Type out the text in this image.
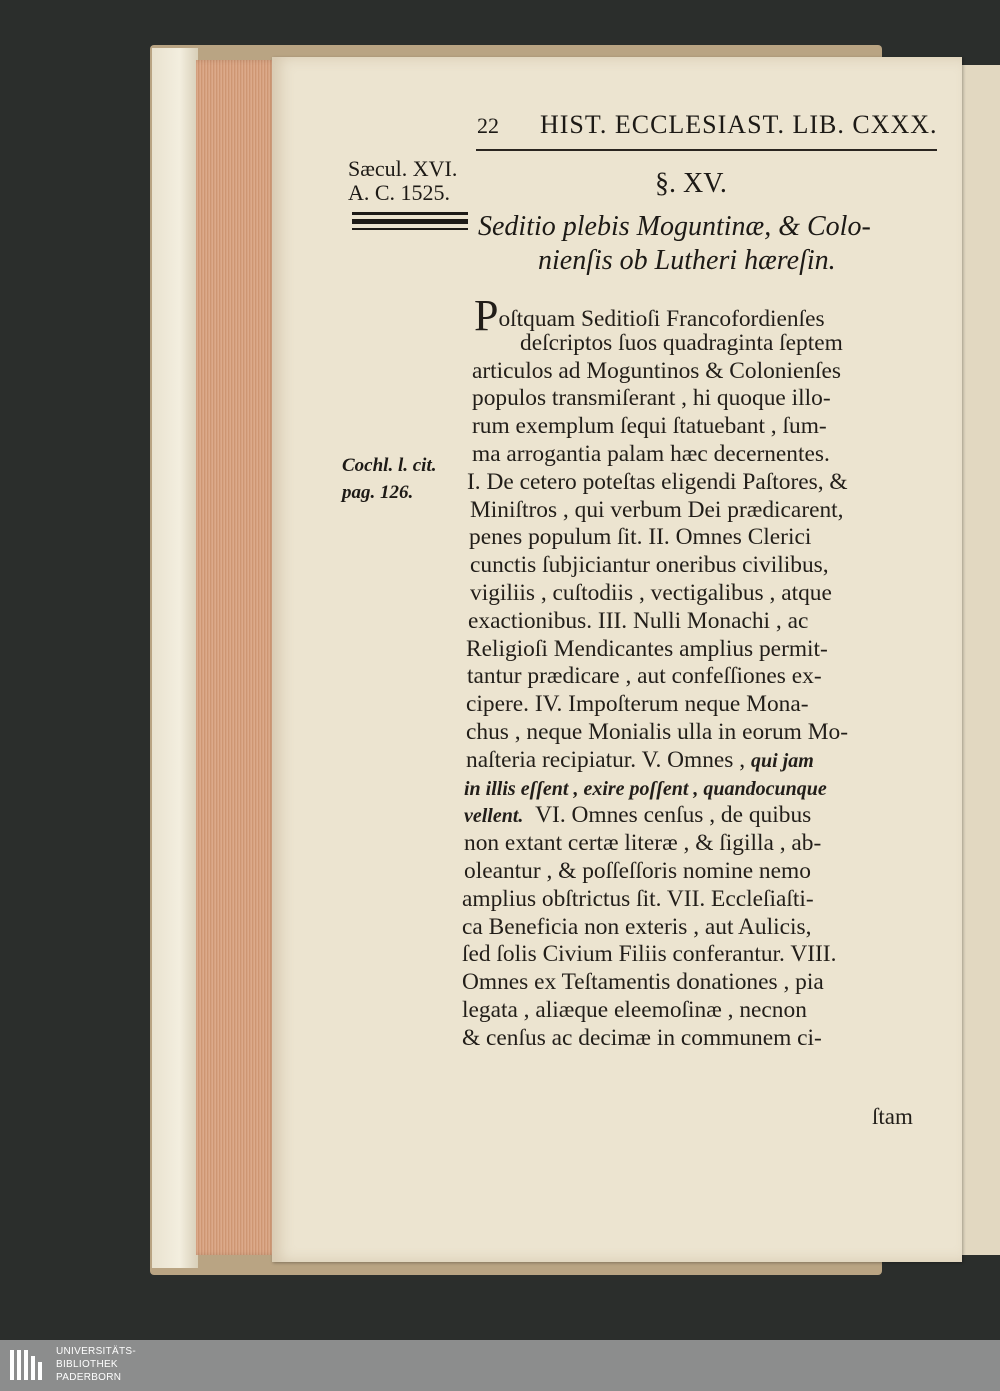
22 HIST. ECCLESIAST. LIB. CXXX.
Sæcul. XVI.
A. C. 1525.
Cochl. l. cit.
pag. 126.
§. XV.
Seditio plebis Moguntinæ, & Colo-
nienſis ob Lutheri hæreſin.
Poſtquam Seditioſi Francofordienſes
deſcriptos ſuos quadraginta ſeptem
articulos ad Moguntinos & Colonienſes
populos transmiſerant , hi quoque illo-
rum exemplum ſequi ſtatuebant , ſum-
ma arrogantia palam hæc decernentes.
I. De cetero poteſtas eligendi Paſtores, &
Miniſtros , qui verbum Dei prædicarent,
penes populum ſit. II. Omnes Clerici
cunctis ſubjiciantur oneribus civilibus,
vigiliis , cuſtodiis , vectigalibus , atque
exactionibus. III. Nulli Monachi , ac
Religioſi Mendicantes amplius permit-
tantur prædicare , aut confeſſiones ex-
cipere. IV. Impoſterum neque Mona-
chus , neque Monialis ulla in eorum Mo-
naſteria recipiatur. V. Omnes , qui jam
in illis eſſent , exire poſſent , quandocunque
vellent. VI. Omnes cenſus , de quibus
non extant certæ literæ , & ſigilla , ab-
oleantur , & poſſeſſoris nomine nemo
amplius obſtrictus ſit. VII. Eccleſiaſti-
ca Beneficia non exteris , aut Aulicis,
ſed ſolis Civium Filiis conferantur. VIII.
Omnes ex Teſtamentis donationes , pia
legata , aliæque eleemoſinæ , necnon
& cenſus ac decimæ in communem ci-
ſtam
UNIVERSITÄTS-
BIBLIOTHEK
PADERBORN
